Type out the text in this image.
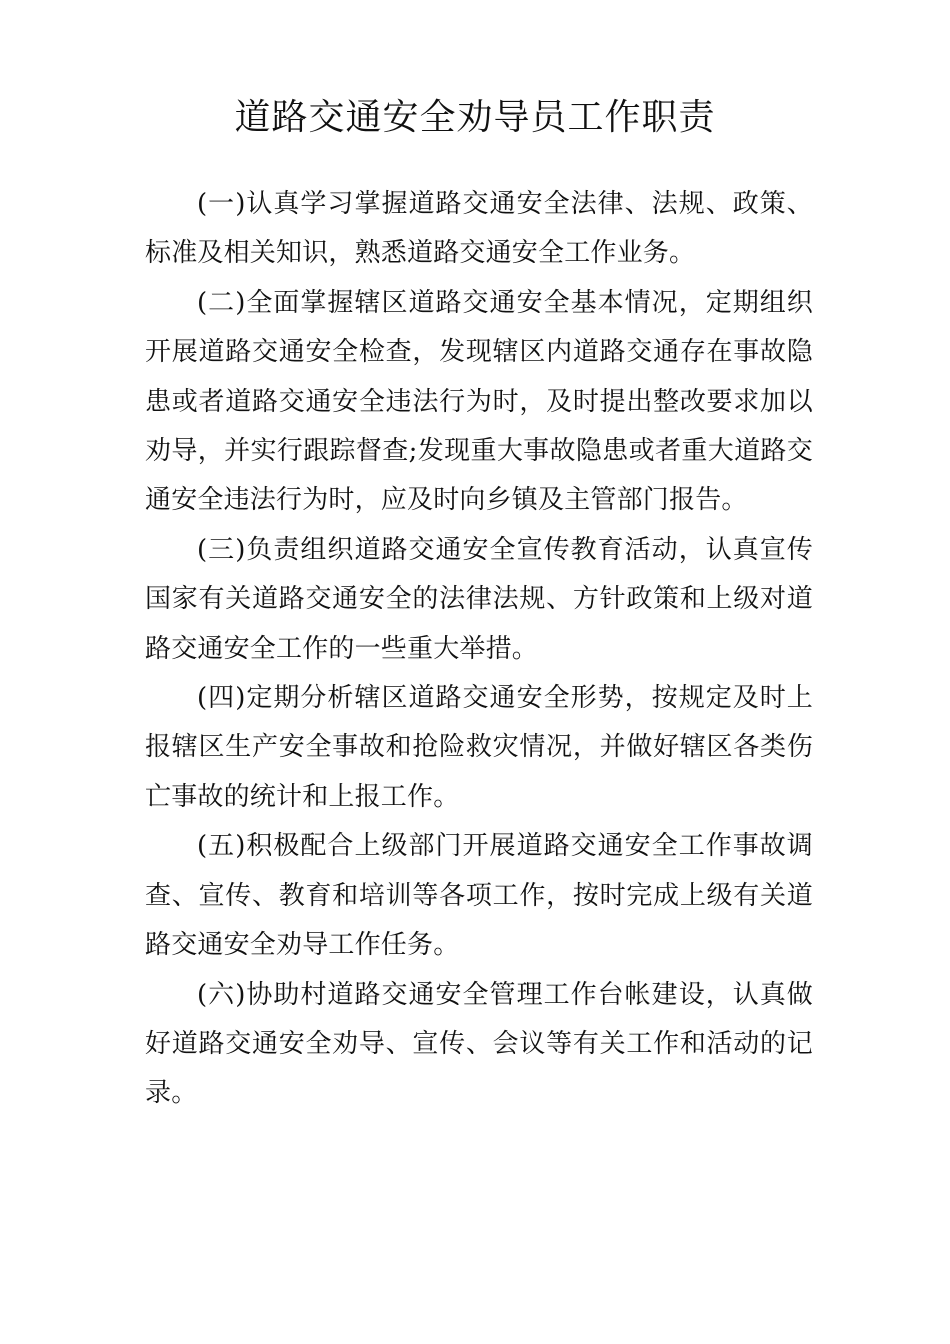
道路交通安全劝导员工作职责

(一)认真学习掌握道路交通安全法律、法规、政策、标准及相关知识，熟悉道路交通安全工作业务。

(二)全面掌握辖区道路交通安全基本情况，定期组织开展道路交通安全检查，发现辖区内道路交通存在事故隐患或者道路交通安全违法行为时，及时提出整改要求加以劝导，并实行跟踪督查;发现重大事故隐患或者重大道路交通安全违法行为时，应及时向乡镇及主管部门报告。

(三)负责组织道路交通安全宣传教育活动，认真宣传国家有关道路交通安全的法律法规、方针政策和上级对道路交通安全工作的一些重大举措。

(四)定期分析辖区道路交通安全形势，按规定及时上报辖区生产安全事故和抢险救灾情况，并做好辖区各类伤亡事故的统计和上报工作。

(五)积极配合上级部门开展道路交通安全工作事故调查、宣传、教育和培训等各项工作，按时完成上级有关道路交通安全劝导工作任务。

(六)协助村道路交通安全管理工作台帐建设，认真做好道路交通安全劝导、宣传、会议等有关工作和活动的记录。
